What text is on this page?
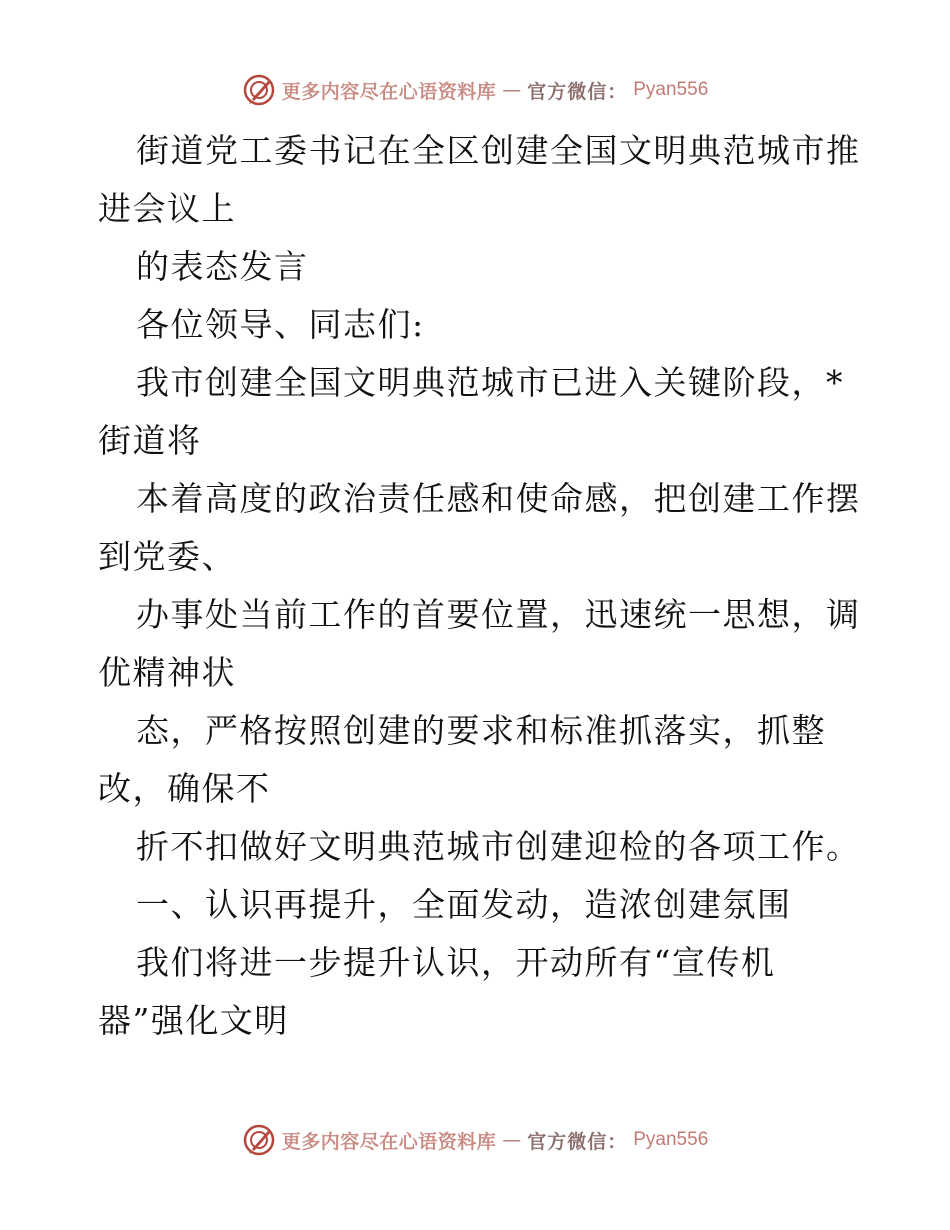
更多内容尽在心语资料库 — 官方微信： Pyan556
街道党工委书记在全区创建全国文明典范城市推
进会议上
的表态发言
各位领导、同志们:
我市创建全国文明典范城市已进入关键阶段，*
街道将
本着高度的政治责任感和使命感，把创建工作摆
到党委、
办事处当前工作的首要位置，迅速统一思想，调
优精神状
态，严格按照创建的要求和标准抓落实，抓整
改，确保不
折不扣做好文明典范城市创建迎检的各项工作。
一、认识再提升，全面发动，造浓创建氛围
我们将进一步提升认识，开动所有“宣传机
器”强化文明
更多内容尽在心语资料库 — 官方微信： Pyan556
